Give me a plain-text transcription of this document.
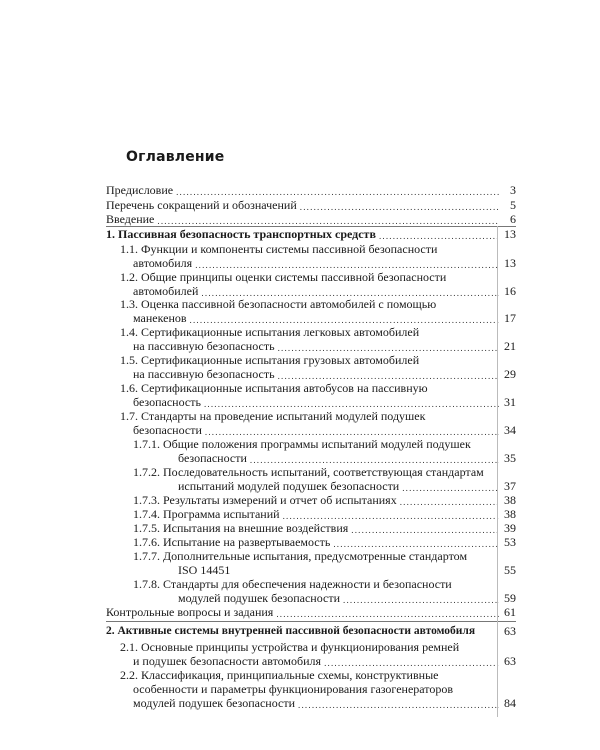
Оглавление
Предисловие .....	3
Перечень сокращений и обозначений .....	5
Введение .....	6
1. Пассивная безопасность транспортных средств .....	13
1.1. Функции и компоненты системы пассивной безопасности
автомобиля .....	13
1.2. Общие принципы оценки системы пассивной безопасности
автомобилей .....	16
1.3. Оценка пассивной безопасности автомобилей с помощью
манекенов .....	17
1.4. Сертификационные испытания легковых автомобилей
на пассивную безопасность .....	21
1.5. Сертификационные испытания грузовых автомобилей
на пассивную безопасность .....	29
1.6. Сертификационные испытания автобусов на пассивную
безопасность .....	31
1.7. Стандарты на проведение испытаний модулей подушек
безопасности .....	34
1.7.1. Общие положения программы испытаний модулей подушек
безопасности .....	35
1.7.2. Последовательность испытаний, соответствующая стандартам
испытаний модулей подушек безопасности .....	37
1.7.3. Результаты измерений и отчет об испытаниях .....	38
1.7.4. Программа испытаний .....	38
1.7.5. Испытания на внешние воздействия .....	39
1.7.6. Испытание на развертываемость .....	53
1.7.7. Дополнительные испытания, предусмотренные стандартом
ISO 14451	55
1.7.8. Стандарты для обеспечения надежности и безопасности
модулей подушек безопасности .....	59
Контрольные вопросы и задания .....	61
2. Активные системы внутренней пассивной безопасности автомобиля 63
2.1. Основные принципы устройства и функционирования ремней
и подушек безопасности автомобиля .....	63
2.2. Классификация, принципиальные схемы, конструктивные
особенности и параметры функционирования газогенераторов
модулей подушек безопасности .....	84
